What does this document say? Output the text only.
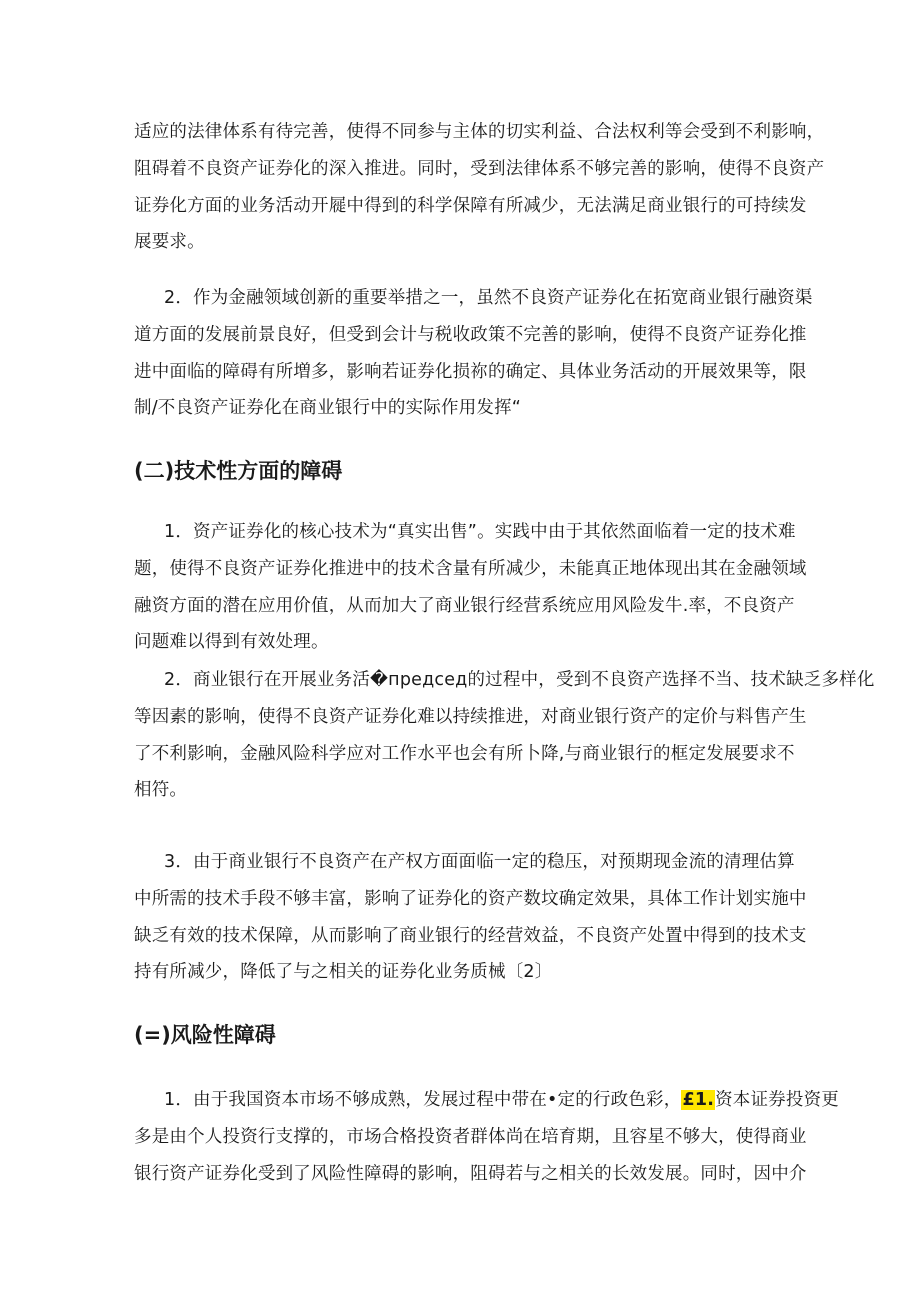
适应的法律体系有待完善，使得不同参与主体的切实利益、合法权利等会受到不利影响，
阻碍着不良资产证券化的深入推进。同时，受到法律体系不够完善的影响，使得不良资产
证券化方面的业务活动开屣中得到的科学保障有所减少，无法满足商业银行的可持续发
展要求。
2．作为金融领域创新的重要举措之一，虽然不良资产证券化在拓宽商业银行融资渠
道方面的发展前景良好，但受到会计与税收政策不完善的影响，使得不良资产证券化推
进中面临的障碍有所増多，影响若证券化损祢的确定、具体业务活动的开展效果等，限
制/不良资产证券化在商业银行中的实际作用发挥“
(二)技术性方面的障碍
1．资产证券化的核心技术为“真实出售”。实践中由于其依然面临着一定的技术难
题，使得不良资产证券化推进中的技术含量有所减少，未能真正地体现出其在金融领域
融资方面的潜在应用价值，从而加大了商业银行经营系统应用风险发牛.率，不良资产
问题难以得到有效处理。
2．商业银行在开展业务活�председ的过程中，受到不良资产选择不当、技术缺乏多样化
等因素的影响，使得不良资产证券化难以持续推进，对商业银行资产的定价与料售产生
了不利影响，金融风险科学应对工作水平也会有所卜降,与商业银行的框定发展要求不
相符。
3．由于商业银行不良资产在产权方面面临一定的稳压，对预期现金流的清理估算
中所需的技术手段不够丰富，影响了证券化的资产数坟确定效果，具体工作计划实施中
缺乏有效的技术保障，从而影响了商业银行的经营效益，不良资产处置中得到的技术支
持有所减少，降低了与之相关的证券化业务质械〔2〕
(=)风险性障碍
1．由于我国资本市场不够成熟，发展过程中带在•定的行政色彩，£1.资本证券投资更
多是由个人投资行支撑的，市场合格投资者群体尚在培育期，且容星不够大，使得商业
银行资产证券化受到了风险性障碍的影响，阻碍若与之相关的长效发展。同时，因中介
